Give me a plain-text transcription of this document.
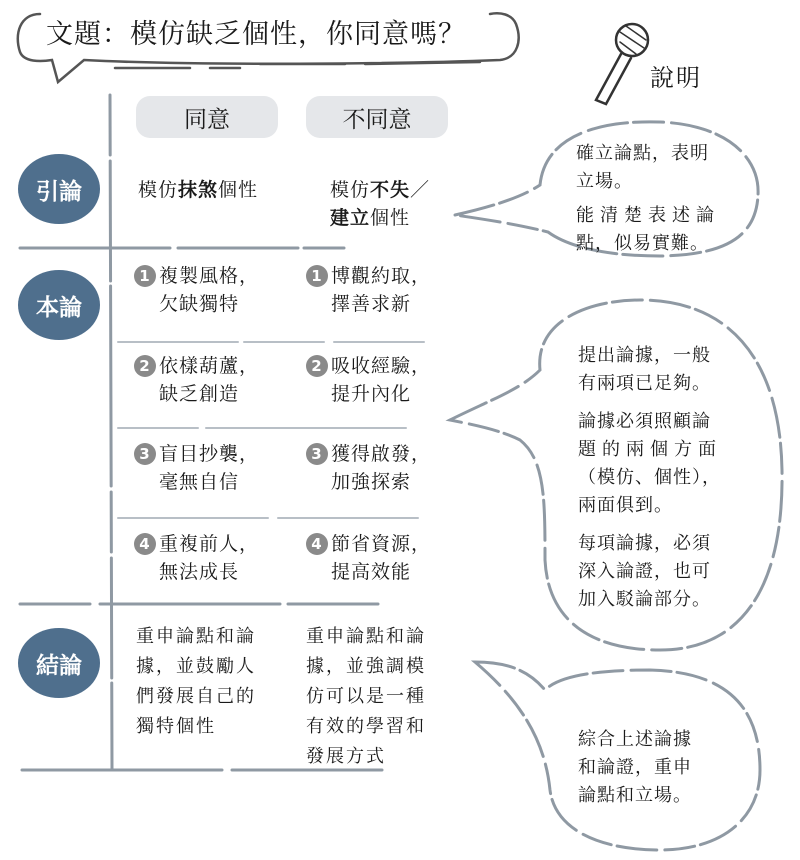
文題：模仿缺乏個性，你同意嗎？
說明
同意	不同意
引論
本論
結論
模仿抹煞個性	模仿不失／
建立個性
1 複製風格，
欠缺獨特
1 博觀約取，
擇善求新
2 依樣葫蘆，
缺乏創造
2 吸收經驗，
提升內化
3 盲目抄襲，
毫無自信
3 獲得啟發，
加強探索
4 重複前人，
無法成長
4 節省資源，
提高效能
重申論點和論
據，並鼓勵人
們發展自己的
獨特個性
重申論點和論
據，並強調模
仿可以是一種
有效的學習和
發展方式
確立論點，表明
立場。
能清楚表述論
點，似易實難。
提出論據，一般
有兩項已足夠。
論據必須照顧論
題的兩個方面
（模仿、個性），
兩面俱到。
每項論據，必須
深入論證，也可
加入駁論部分。
綜合上述論據
和論證，重申
論點和立場。
